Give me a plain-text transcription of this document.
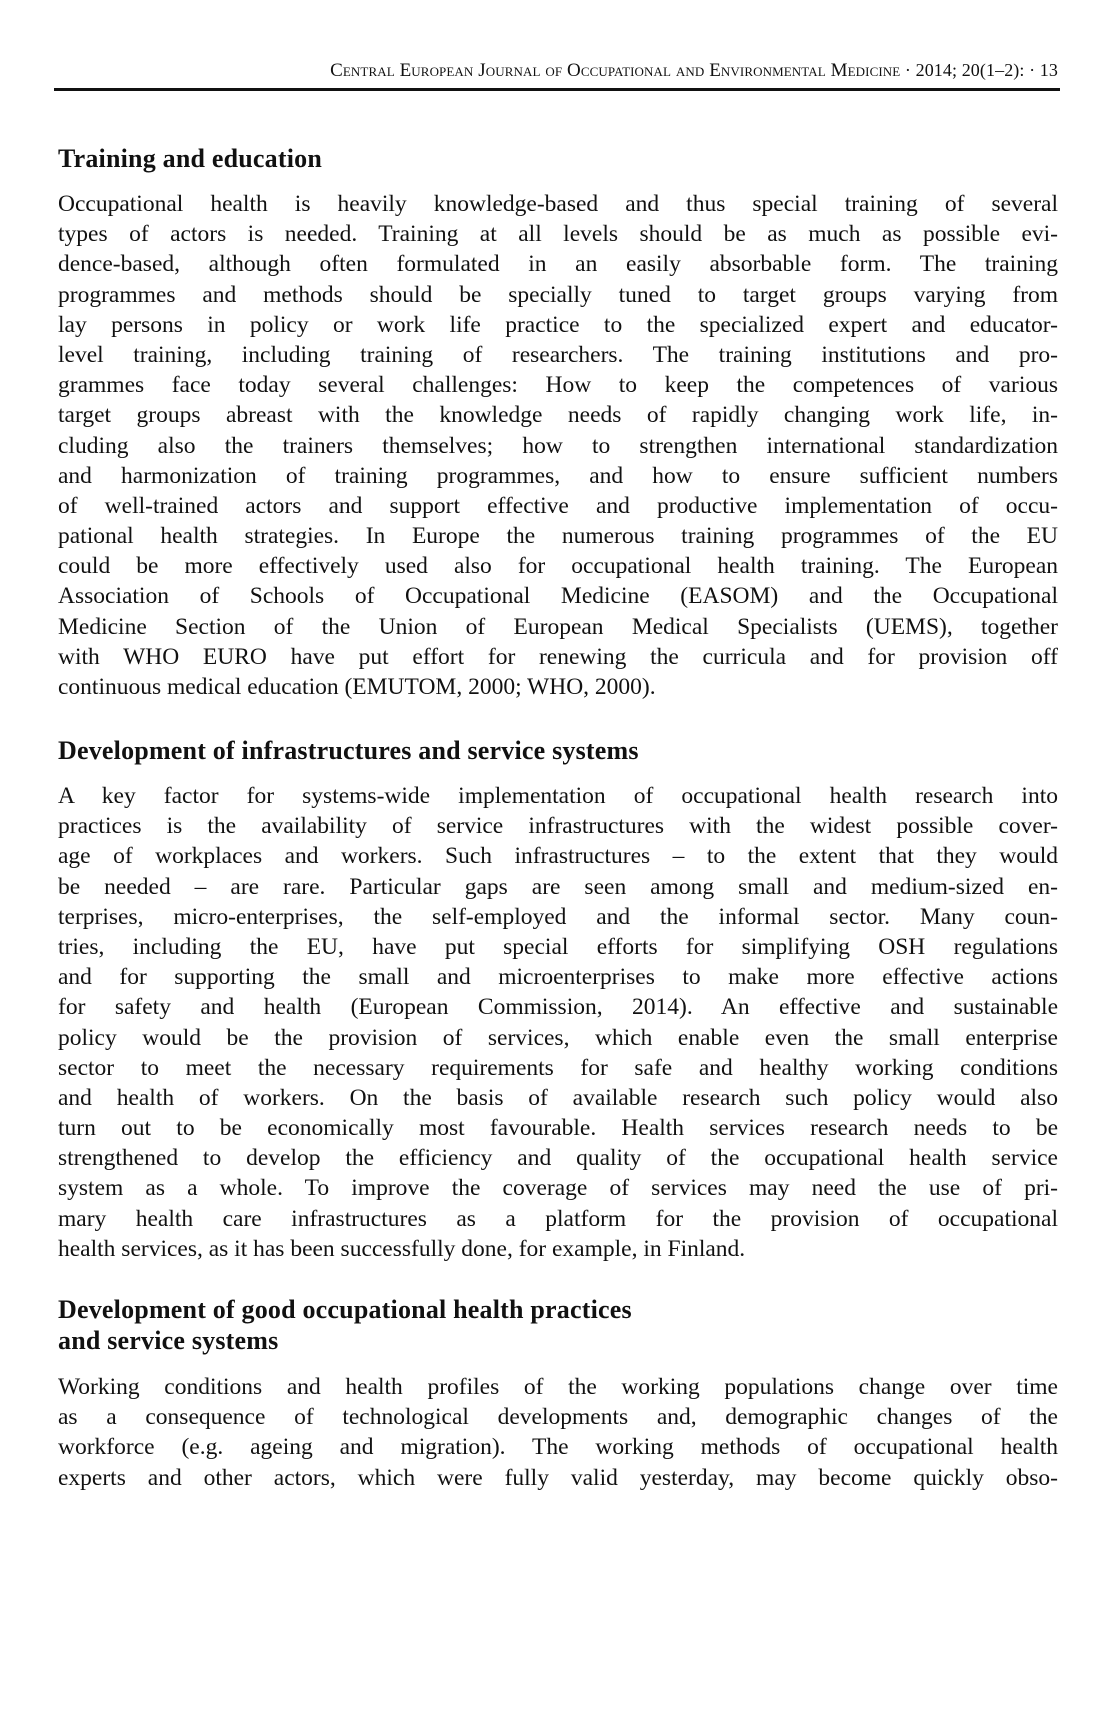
Central European Journal of Occupational and Environmental Medicine · 2014; 20(1–2): · 13
Training and education

Occupational health is heavily knowledge-based and thus special training of several
types of actors is needed. Training at all levels should be as much as possible evi-
dence-based, although often formulated in an easily absorbable form. The training
programmes and methods should be specially tuned to target groups varying from
lay persons in policy or work life practice to the specialized expert and educator-
level training, including training of researchers. The training institutions and pro-
grammes face today several challenges: How to keep the competences of various
target groups abreast with the knowledge needs of rapidly changing work life, in-
cluding also the trainers themselves; how to strengthen international standardization
and harmonization of training programmes, and how to ensure sufficient numbers
of well-trained actors and support effective and productive implementation of occu-
pational health strategies. In Europe the numerous training programmes of the EU
could be more effectively used also for occupational health training. The European
Association of Schools of Occupational Medicine (EASOM) and the Occupational
Medicine Section of the Union of European Medical Specialists (UEMS), together
with WHO EURO have put effort for renewing the curricula and for provision off
continuous medical education (EMUTOM, 2000; WHO, 2000).

Development of infrastructures and service systems

A key factor for systems-wide implementation of occupational health research into
practices is the availability of service infrastructures with the widest possible cover-
age of workplaces and workers. Such infrastructures – to the extent that they would
be needed – are rare. Particular gaps are seen among small and medium-sized en-
terprises, micro-enterprises, the self-employed and the informal sector. Many coun-
tries, including the EU, have put special efforts for simplifying OSH regulations
and for supporting the small and microenterprises to make more effective actions
for safety and health (European Commission, 2014). An effective and sustainable
policy would be the provision of services, which enable even the small enterprise
sector to meet the necessary requirements for safe and healthy working conditions
and health of workers. On the basis of available research such policy would also
turn out to be economically most favourable. Health services research needs to be
strengthened to develop the efficiency and quality of the occupational health service
system as a whole. To improve the coverage of services may need the use of pri-
mary health care infrastructures as a platform for the provision of occupational
health services, as it has been successfully done, for example, in Finland.

Development of good occupational health practices
and service systems

Working conditions and health profiles of the working populations change over time
as a consequence of technological developments and, demographic changes of the
workforce (e.g. ageing and migration). The working methods of occupational health
experts and other actors, which were fully valid yesterday, may become quickly obso-
